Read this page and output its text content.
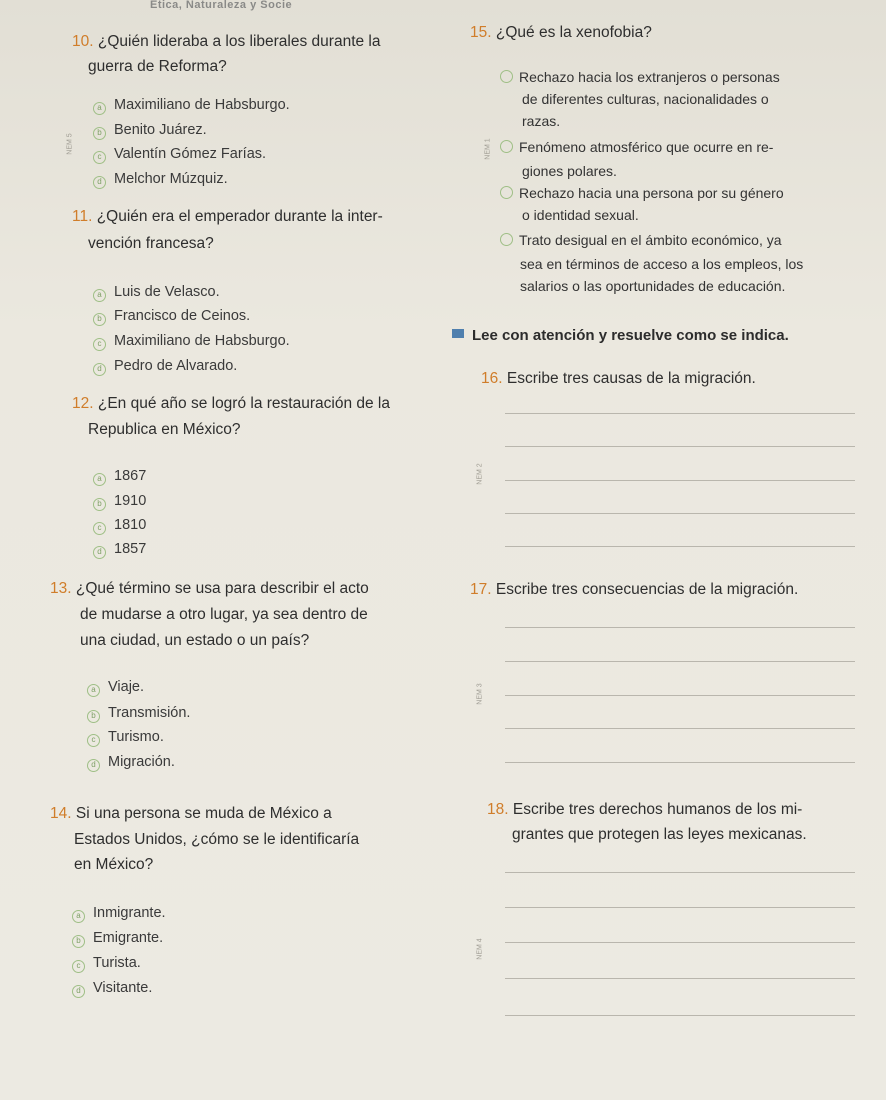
Ética, Naturaleza y Socie
10. ¿Quién lideraba a los liberales durante la
guerra de Reforma?
a Maximiliano de Habsburgo.
b Benito Juárez.
c Valentín Gómez Farías.
d Melchor Múzquiz.
11. ¿Quién era el emperador durante la inter-
vención francesa?
a Luis de Velasco.
b Francisco de Ceinos.
c Maximiliano de Habsburgo.
d Pedro de Alvarado.
12. ¿En qué año se logró la restauración de la
Republica en México?
a 1867
b 1910
c 1810
d 1857
13. ¿Qué término se usa para describir el acto
de mudarse a otro lugar, ya sea dentro de
una ciudad, un estado o un país?
a Viaje.
b Transmisión.
c Turismo.
d Migración.
14. Si una persona se muda de México a
Estados Unidos, ¿cómo se le identificaría
en México?
a Inmigrante.
b Emigrante.
c Turista.
d Visitante.
15. ¿Qué es la xenofobia?
Rechazo hacia los extranjeros o personas
de diferentes culturas, nacionalidades o
razas.
Fenómeno atmosférico que ocurre en re-
giones polares.
Rechazo hacia una persona por su género
o identidad sexual.
Trato desigual en el ámbito económico, ya
sea en términos de acceso a los empleos, los
salarios o las oportunidades de educación.
Lee con atención y resuelve como se indica.
16. Escribe tres causas de la migración.
17. Escribe tres consecuencias de la migración.
18. Escribe tres derechos humanos de los mi-
grantes que protegen las leyes mexicanas.
NEM 1
NEM 2
NEM 3
NEM 4
NEM 5
